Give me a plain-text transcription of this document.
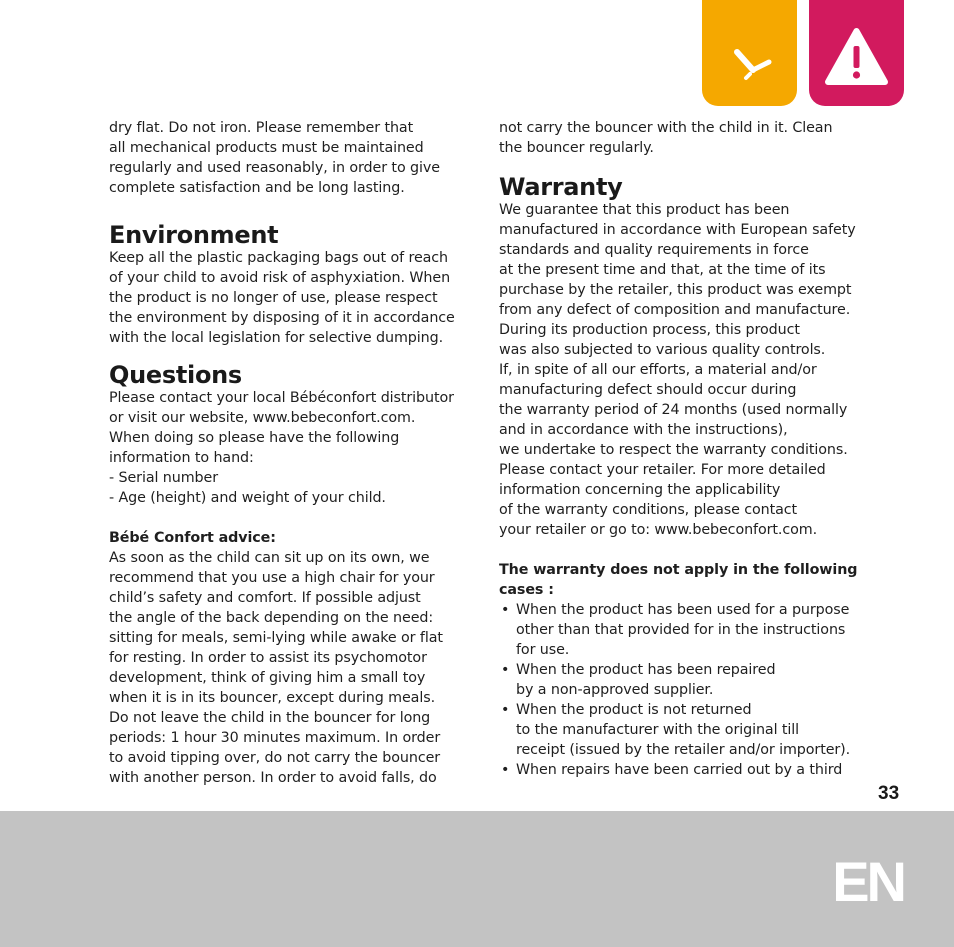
dry flat. Do not iron. Please remember that
all mechanical products must be maintained
regularly and used reasonably, in order to give
complete satisfaction and be long lasting.
Environment
Keep all the plastic packaging bags out of reach
of your child to avoid risk of asphyxiation. When
the product is no longer of use, please respect
the environment by disposing of it in accordance
with the local legislation for selective dumping.
Questions
Please contact your local Bébéconfort distributor
or visit our website, www.bebeconfort.com.
When doing so please have the following
information to hand:
- Serial number
- Age (height) and weight of your child.
Bébé Confort advice:
As soon as the child can sit up on its own, we
recommend that you use a high chair for your
child’s safety and comfort. If possible adjust
the angle of the back depending on the need:
sitting for meals, semi-lying while awake or flat
for resting. In order to assist its psychomotor
development, think of giving him a small toy
when it is in its bouncer, except during meals.
Do not leave the child in the bouncer for long
periods: 1 hour 30 minutes maximum. In order
to avoid tipping over, do not carry the bouncer
with another person. In order to avoid falls, do
not carry the bouncer with the child in it. Clean
the bouncer regularly.
Warranty
We guarantee that this product has been
manufactured in accordance with European safety
standards and quality requirements in force
at the present time and that, at the time of its
purchase by the retailer, this product was exempt
from any defect of composition and manufacture.
During its production process, this product
was also subjected to various quality controls.
If, in spite of all our efforts, a material and/or
manufacturing defect should occur during
the warranty period of 24 months (used normally
and in accordance with the instructions),
we undertake to respect the warranty conditions.
Please contact your retailer. For more detailed
information concerning the applicability
of the warranty conditions, please contact
your retailer or go to: www.bebeconfort.com.
The warranty does not apply in the following
cases :
• When the product has been used for a purpose
other than that provided for in the instructions
for use.
• When the product has been repaired
by a non-approved supplier.
• When the product is not returned
to the manufacturer with the original till
receipt (issued by the retailer and/or importer).
• When repairs have been carried out by a third
33
EN
